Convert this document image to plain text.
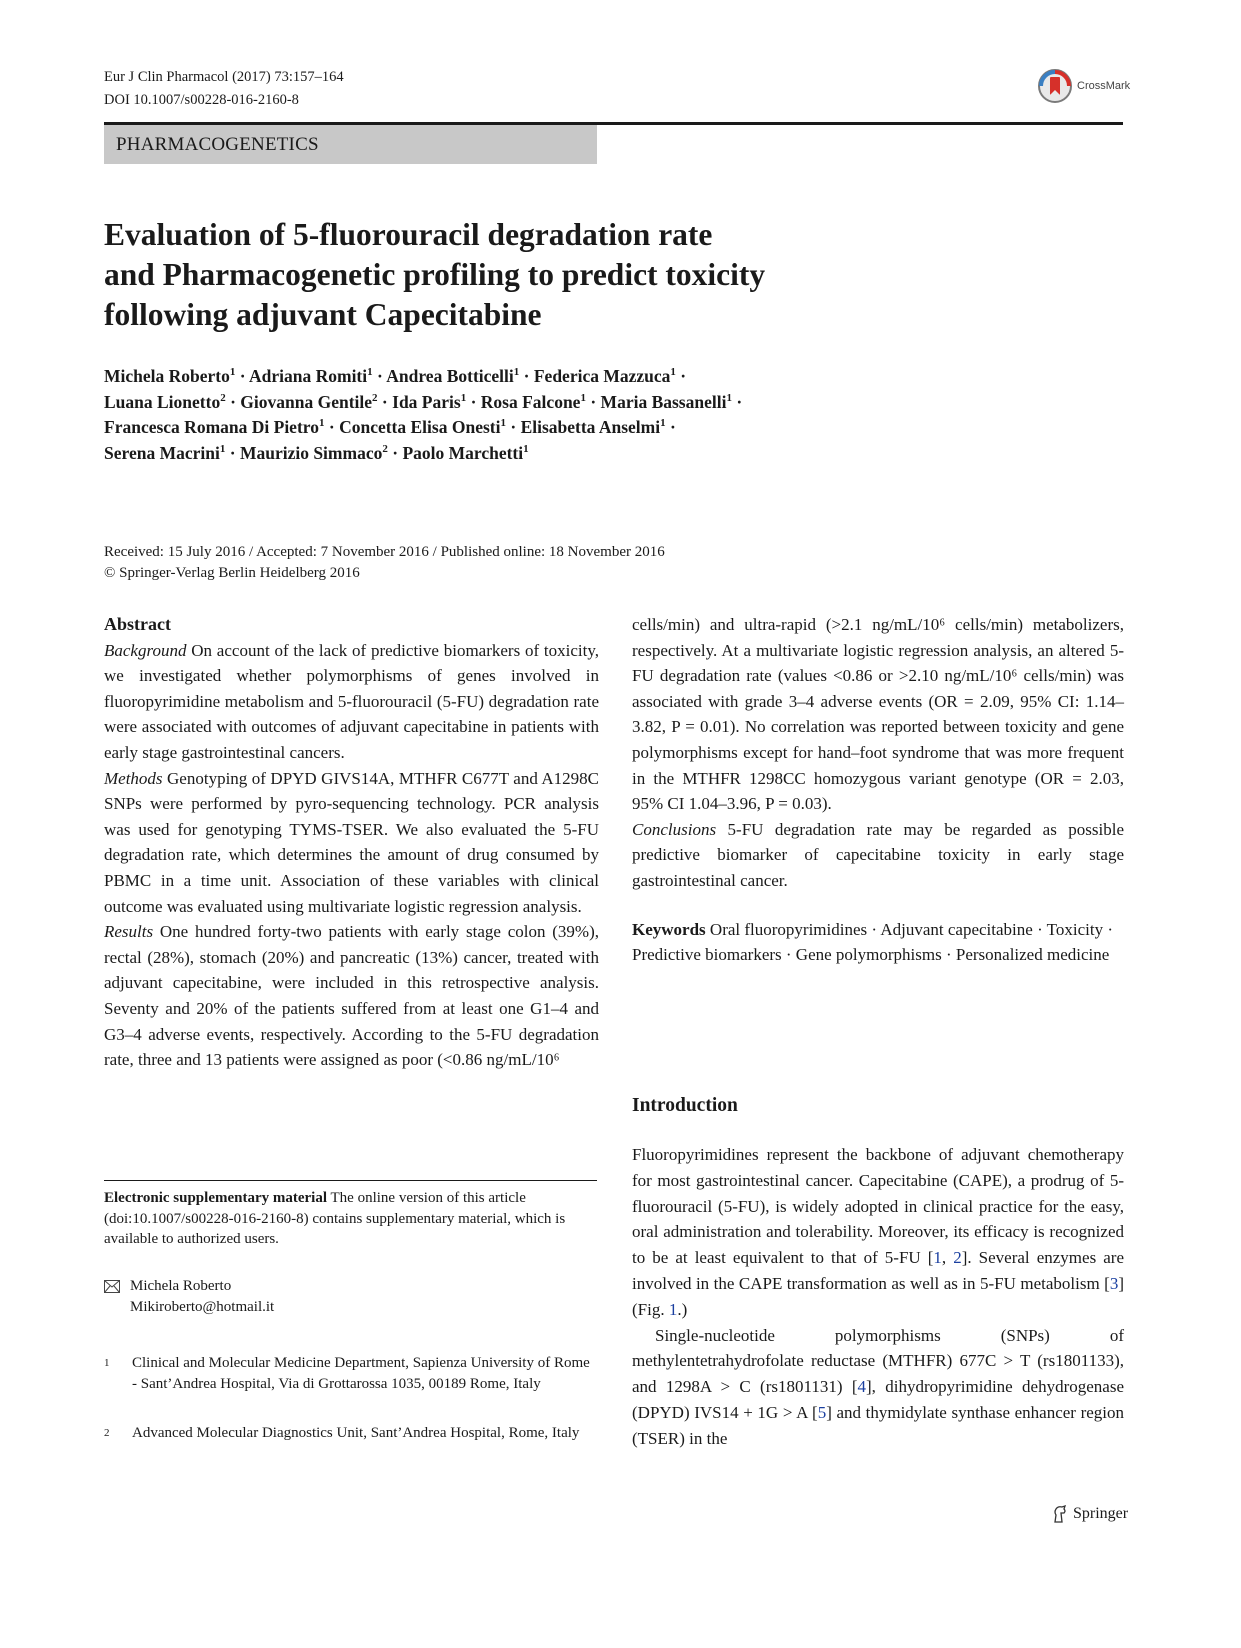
Eur J Clin Pharmacol (2017) 73:157–164
DOI 10.1007/s00228-016-2160-8
CrossMark
PHARMACOGENETICS
Evaluation of 5-fluorouracil degradation rate
and Pharmacogenetic profiling to predict toxicity
following adjuvant Capecitabine
Michela Roberto$^1$ · Adriana Romiti$^1$ · Andrea Botticelli$^1$ · Federica Mazzuca$^1$ ·
Luana Lionetto$^2$ · Giovanna Gentile$^2$ · Ida Paris$^1$ · Rosa Falcone$^1$ · Maria Bassanelli$^1$ ·
Francesca Romana Di Pietro$^1$ · Concetta Elisa Onesti$^1$ · Elisabetta Anselmi$^1$ ·
Serena Macrini$^1$ · Maurizio Simmaco$^2$ · Paolo Marchetti$^1$
Received: 15 July 2016 / Accepted: 7 November 2016 / Published online: 18 November 2016
© Springer-Verlag Berlin Heidelberg 2016
Abstract

Background On account of the lack of predictive biomarkers of toxicity, we investigated whether polymorphisms of genes involved in fluoropyrimidine metabolism and 5-fluorouracil (5-FU) degradation rate were associated with outcomes of adjuvant capecitabine in patients with early stage gastrointestinal cancers.

Methods Genotyping of DPYD GIVS14A, MTHFR C677T and A1298C SNPs were performed by pyro-sequencing technology. PCR analysis was used for genotyping TYMS-TSER. We also evaluated the 5-FU degradation rate, which determines the amount of drug consumed by PBMC in a time unit. Association of these variables with clinical outcome was evaluated using multivariate logistic regression analysis.

Results One hundred forty-two patients with early stage colon (39%), rectal (28%), stomach (20%) and pancreatic (13%) cancer, treated with adjuvant capecitabine, were included in this retrospective analysis. Seventy and 20% of the patients suffered from at least one G1–4 and G3–4 adverse events, respectively. According to the 5-FU degradation rate, three and 13 patients were assigned as poor (<0.86 ng/mL/10⁶

cells/min) and ultra-rapid (>2.1 ng/mL/10⁶ cells/min) metabolizers, respectively. At a multivariate logistic regression analysis, an altered 5-FU degradation rate (values <0.86 or >2.10 ng/mL/10⁶ cells/min) was associated with grade 3–4 adverse events (OR = 2.09, 95% CI: 1.14–3.82, P = 0.01). No correlation was reported between toxicity and gene polymorphisms except for hand–foot syndrome that was more frequent in the MTHFR 1298CC homozygous variant genotype (OR = 2.03, 95% CI 1.04–3.96, P = 0.03).

Conclusions 5-FU degradation rate may be regarded as possible predictive biomarker of capecitabine toxicity in early stage gastrointestinal cancer.

Keywords Oral fluoropyrimidines · Adjuvant capecitabine · Toxicity · Predictive biomarkers · Gene polymorphisms · Personalized medicine

Introduction

Fluoropyrimidines represent the backbone of adjuvant chemotherapy for most gastrointestinal cancer. Capecitabine (CAPE), a prodrug of 5-fluorouracil (5-FU), is widely adopted in clinical practice for the easy, oral administration and tolerability. Moreover, its efficacy is recognized to be at least equivalent to that of 5-FU [1, 2]. Several enzymes are involved in the CAPE transformation as well as in 5-FU metabolism [3] (Fig. 1.)

Single-nucleotide polymorphisms (SNPs) of methylentetrahydrofolate reductase (MTHFR) 677C > T (rs1801133), and 1298A > C (rs1801131) [4], dihydropyrimidine dehydrogenase (DPYD) IVS14 + 1G > A [5] and thymidylate synthase enhancer region (TSER) in the

Electronic supplementary material The online version of this article (doi:10.1007/s00228-016-2160-8) contains supplementary material, which is available to authorized users.
Michela Roberto
Mikiroberto@hotmail.it
1	Clinical and Molecular Medicine Department, Sapienza University of Rome - Sant’Andrea Hospital, Via di Grottarossa 1035, 00189 Rome, Italy
2	Advanced Molecular Diagnostics Unit, Sant’Andrea Hospital, Rome, Italy
Springer
